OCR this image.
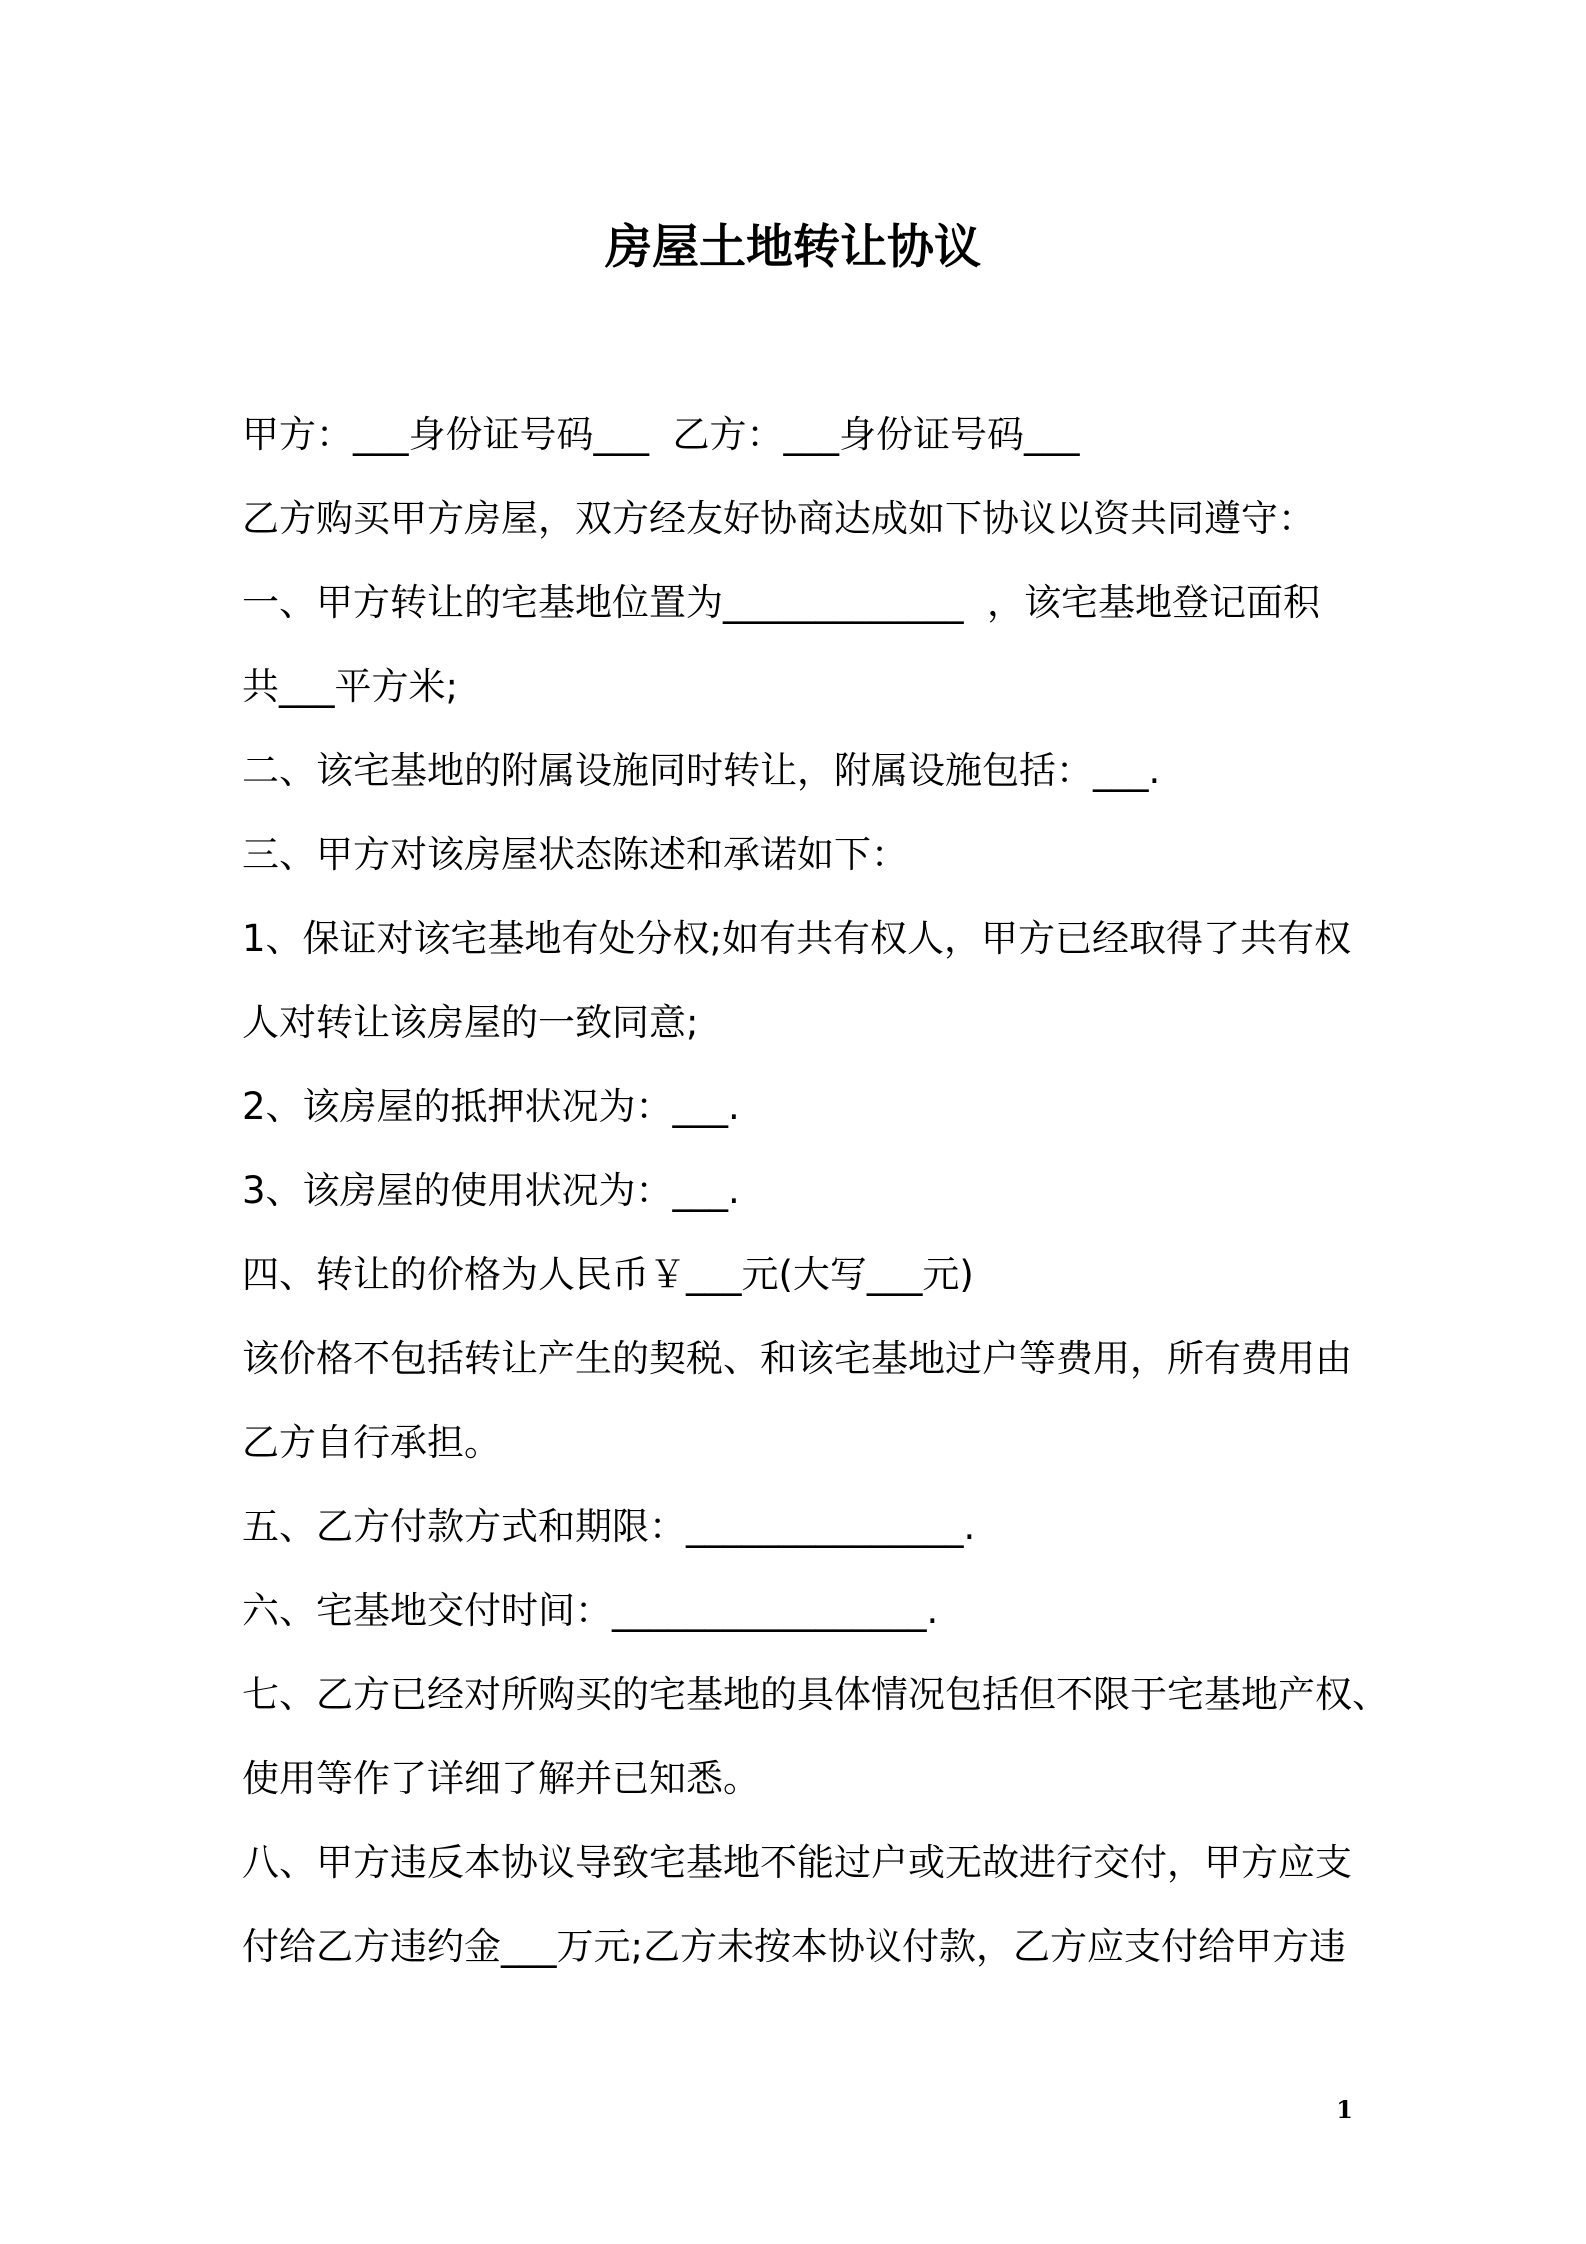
房屋土地转让协议

甲方：___身份证号码___  乙方：___身份证号码___

乙方购买甲方房屋，双方经友好协商达成如下协议以资共同遵守：

一、甲方转让的宅基地位置为_____________  ，该宅基地登记面积

共___平方米;

二、该宅基地的附属设施同时转让，附属设施包括：___.

三、甲方对该房屋状态陈述和承诺如下：

1、保证对该宅基地有处分权;如有共有权人，甲方已经取得了共有权

人对转让该房屋的一致同意;

2、该房屋的抵押状况为：___.

3、该房屋的使用状况为：___.

四、转让的价格为人民币￥___元(大写___元)

该价格不包括转让产生的契税、和该宅基地过户等费用，所有费用由

乙方自行承担。

五、乙方付款方式和期限：_______________.

六、宅基地交付时间：_________________.

七、乙方已经对所购买的宅基地的具体情况包括但不限于宅基地产权、

使用等作了详细了解并已知悉。

八、甲方违反本协议导致宅基地不能过户或无故进行交付，甲方应支

付给乙方违约金___万元;乙方未按本协议付款，乙方应支付给甲方违

1
